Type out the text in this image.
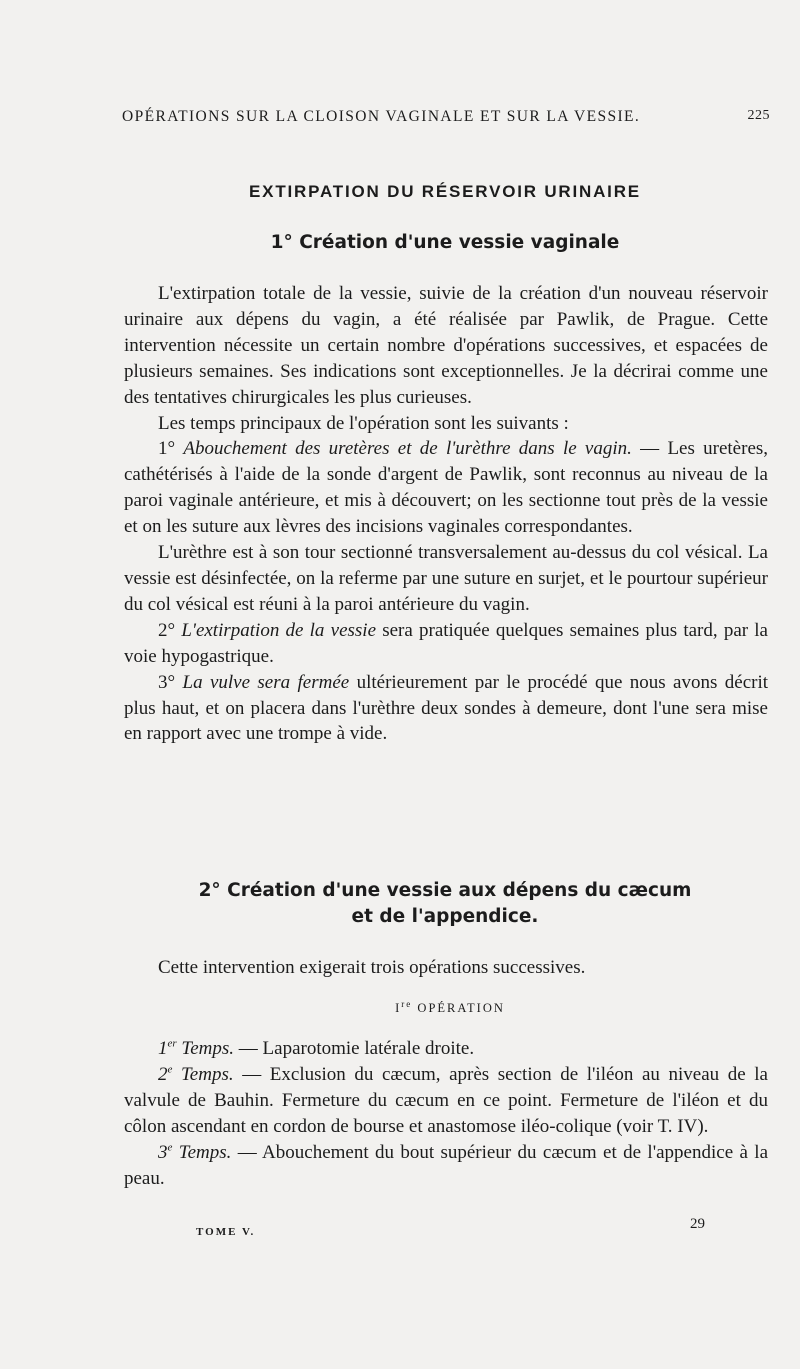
OPÉRATIONS SUR LA CLOISON VAGINALE ET SUR LA VESSIE.	225
EXTIRPATION DU RÉSERVOIR URINAIRE
1° Création d'une vessie vaginale

L'extirpation totale de la vessie, suivie de la création d'un nouveau réservoir urinaire aux dépens du vagin, a été réalisée par Pawlik, de Prague. Cette intervention nécessite un certain nombre d'opérations successives, et espacées de plusieurs semaines. Ses indications sont exceptionnelles. Je la décrirai comme une des tentatives chirurgicales les plus curieuses.

Les temps principaux de l'opération sont les suivants :

1° Abouchement des uretères et de l'urèthre dans le vagin. — Les uretères, cathétérisés à l'aide de la sonde d'argent de Pawlik, sont reconnus au niveau de la paroi vaginale antérieure, et mis à découvert; on les sectionne tout près de la vessie et on les suture aux lèvres des incisions vaginales correspondantes.

L'urèthre est à son tour sectionné transversalement au-dessus du col vésical. La vessie est désinfectée, on la referme par une suture en surjet, et le pourtour supérieur du col vésical est réuni à la paroi antérieure du vagin.

2° L'extirpation de la vessie sera pratiquée quelques semaines plus tard, par la voie hypogastrique.

3° La vulve sera fermée ultérieurement par le procédé que nous avons décrit plus haut, et on placera dans l'urèthre deux sondes à demeure, dont l'une sera mise en rapport avec une trompe à vide.

2° Création d'une vessie aux dépens du cæcum
et de l'appendice.

Cette intervention exigerait trois opérations successives.

Ire OPÉRATION

1er Temps. — Laparotomie latérale droite.

2e Temps. — Exclusion du cæcum, après section de l'iléon au niveau de la valvule de Bauhin. Fermeture du cæcum en ce point. Fermeture de l'iléon et du côlon ascendant en cordon de bourse et anastomose iléo-colique (voir T. IV).

3e Temps. — Abouchement du bout supérieur du cæcum et de l'appendice à la peau.

TOME V.	29
